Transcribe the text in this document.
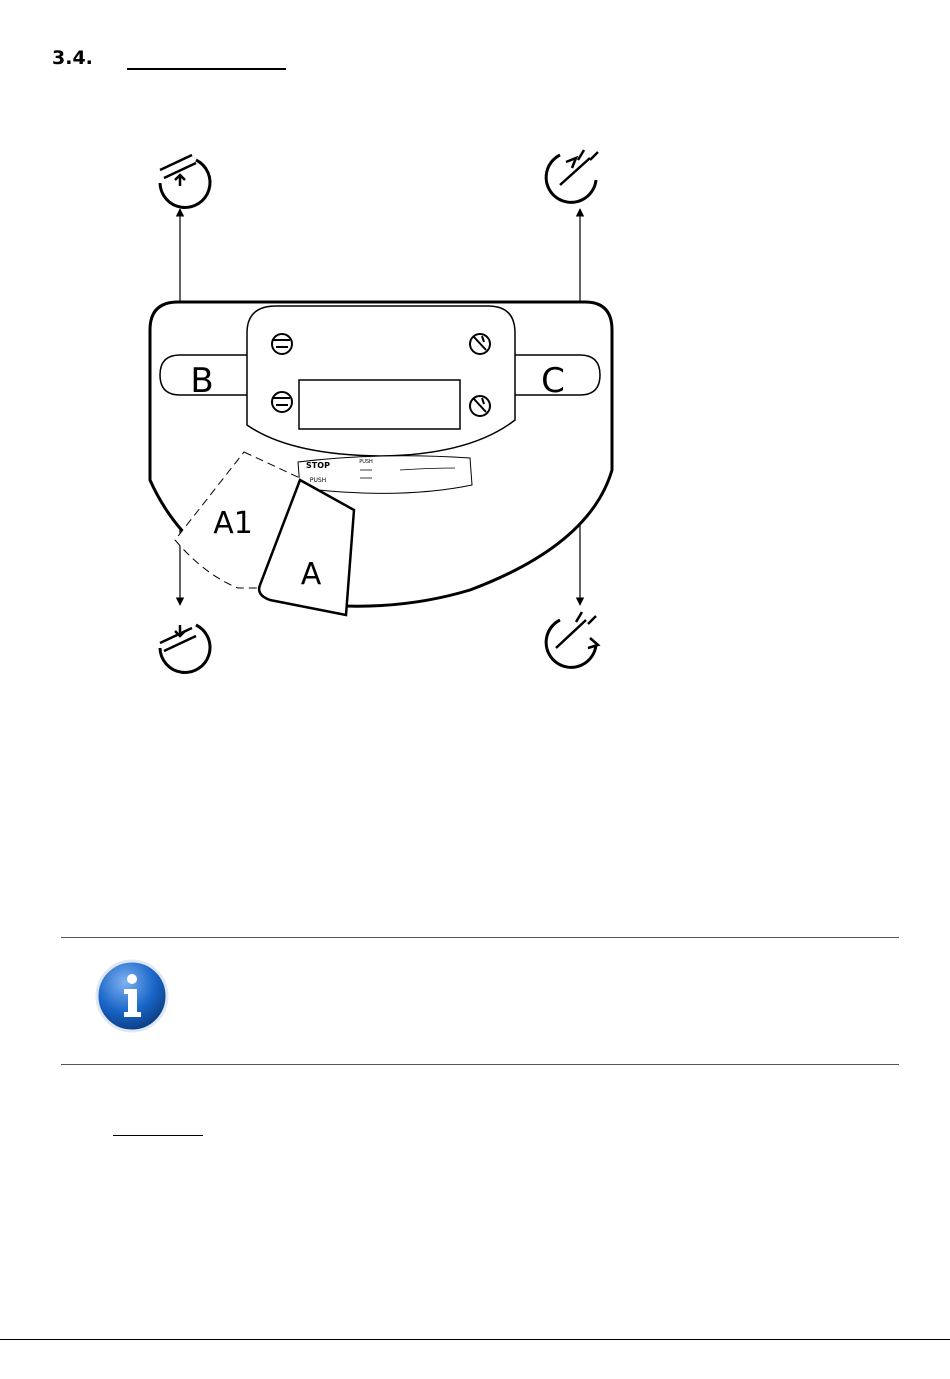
3.4.
B	C
STOP
PUSH
PUSH
A1
A
